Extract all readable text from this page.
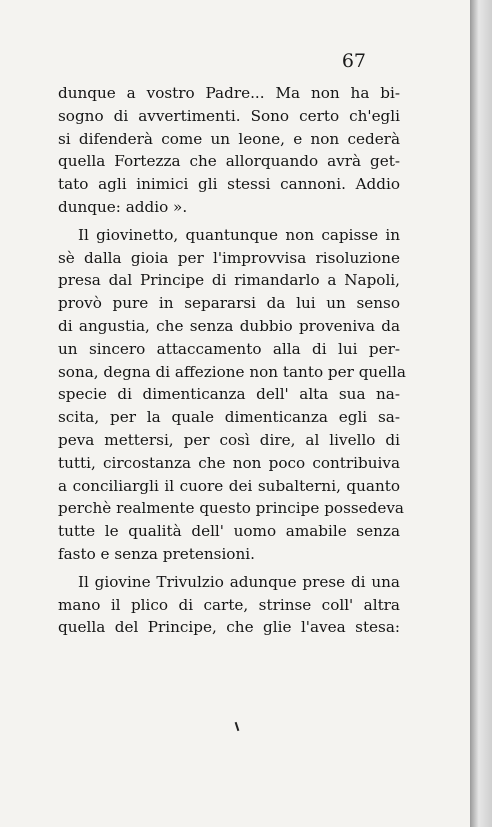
67

dunque a vostro Padre... Ma non ha bi-
sogno di avvertimenti. Sono certo ch'egli
si difenderà come un leone, e non cederà
quella Fortezza che allorquando avrà get-
tato agli inimici gli stessi cannoni. Addio
dunque: addio ».

Il giovinetto, quantunque non capisse in
sè dalla gioia per l'improvvisa risoluzione
presa dal Principe di rimandarlo a Napoli,
provò pure in separarsi da lui un senso
di angustia, che senza dubbio proveniva da
un sincero attaccamento alla di lui per-
sona, degna di affezione non tanto per quella
specie di dimenticanza dell' alta sua na-
scita, per la quale dimenticanza egli sa-
peva mettersi, per così dire, al livello di
tutti, circostanza che non poco contribuiva
a conciliargli il cuore dei subalterni, quanto
perchè realmente questo principe possedeva
tutte le qualità dell' uomo amabile senza
fasto e senza pretensioni.

Il giovine Trivulzio adunque prese di una
mano il plico di carte, strinse coll' altra
quella del Principe, che glie l'avea stesa:
